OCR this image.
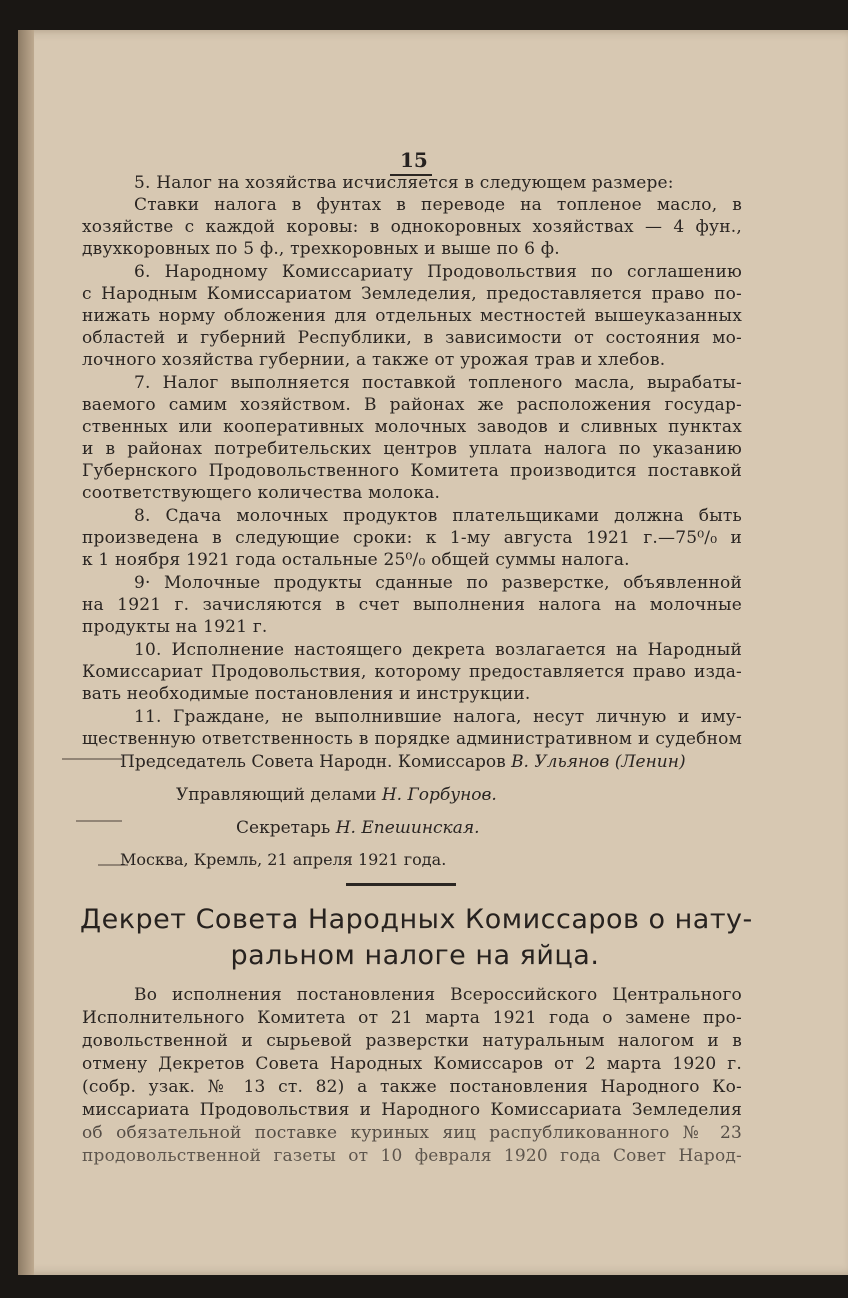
15
5. Налог на хозяйства исчисляется в следующем размере:
Ставки налога в фунтах в переводе на топленое масло, в
хозяйстве с каждой коровы: в однокоровных хозяйствах — 4 фун.,
двухкоровных по 5 ф., трехкоровных и выше по 6 ф.
6. Народному Комиссариату Продовольствия по соглашению
с Народным Комиссариатом Земледелия, предоставляется право по-
нижать норму обложения для отдельных местностей вышеуказанных
областей и губерний Республики, в зависимости от состояния мо-
лочного хозяйства губернии, а также от урожая трав и хлебов.
7. Налог выполняется поставкой топленого масла, вырабаты-
ваемого самим хозяйством. В районах же расположения государ-
ственных или кооперативных молочных заводов и сливных пунктах
и в районах потребительских центров уплата налога по указанию
Губернского Продовольственного Комитета производится поставкой
соответствующего количества молока.
8. Сдача молочных продуктов плательщиками должна быть
произведена в следующие сроки: к 1-му августа 1921 г.—75⁰/₀ и
к 1 ноября 1921 года остальные 25⁰/₀ общей суммы налога.
9· Молочные продукты сданные по разверстке, объявленной
на 1921 г. зачисляются в счет выполнения налога на молочные
продукты на 1921 г.
10. Исполнение настоящего декрета возлагается на Народный
Комиссариат Продовольствия, которому предоставляется право изда-
вать необходимые постановления и инструкции.
11. Граждане, не выполнившие налога, несут личную и иму-
щественную ответственность в порядке административном и судебном
Председатель Совета Народн. Комиссаров В. Ульянов (Ленин)
Управляющий делами Н. Горбунов.
Секретарь Н. Епешинская.
Москва, Кремль, 21 апреля 1921 года.
Декрет Совета Народных Комиссаров о нату-
ральном налоге на яйца.
Во исполнения постановления Всероссийского Центрального
Исполнительного Комитета от 21 марта 1921 года о замене про-
довольственной и сырьевой разверстки натуральным налогом и в
отмену Декретов Совета Народных Комиссаров от 2 марта 1920 г.
(собр. узак. № 13 ст. 82) а также постановления Народного Ко-
миссариата Продовольствия и Народного Комиссариата Земледелия
об обязательной поставке куриных яиц распубликованного № 23
продовольственной газеты от 10 февраля 1920 года Совет Народ-
